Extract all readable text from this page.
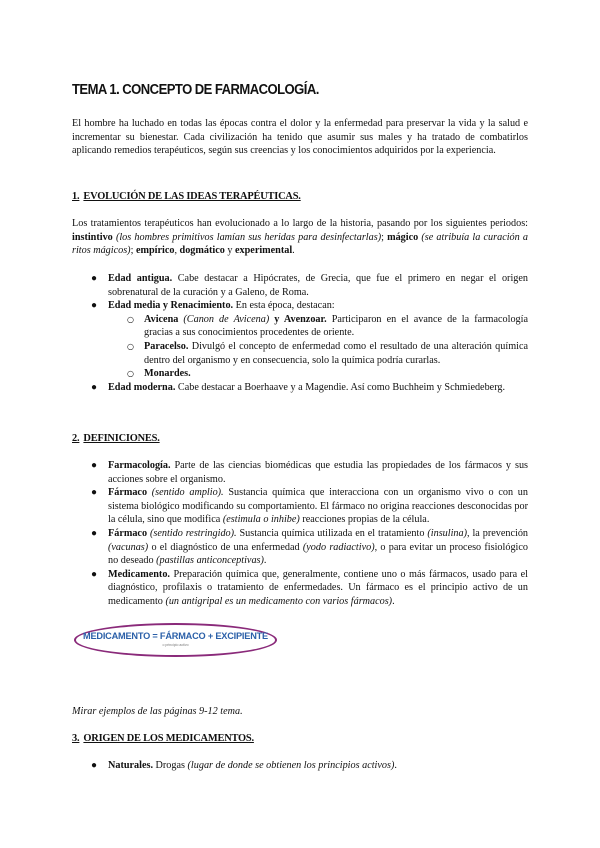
TEMA 1. CONCEPTO DE FARMACOLOGÍA.

El hombre ha luchado en todas las épocas contra el dolor y la enfermedad para preservar la vida y la salud e incrementar su bienestar. Cada civilización ha tenido que asumir sus males y ha tratado de combatirlos aplicando remedios terapéuticos, según sus creencias y los conocimientos adquiridos por la experiencia.

1. EVOLUCIÓN DE LAS IDEAS TERAPÉUTICAS.

Los tratamientos terapéuticos han evolucionado a lo largo de la historia, pasando por los siguientes periodos: instintivo (los hombres primitivos lamían sus heridas para desinfectarlas); mágico (se atribuía la curación a ritos mágicos); empírico, dogmático y experimental.

● Edad antigua. Cabe destacar a Hipócrates, de Grecia, que fue el primero en negar el origen sobrenatural de la curación y a Galeno, de Roma.
● Edad media y Renacimiento. En esta época, destacan:
○ Avicena (Canon de Avicena) y Avenzoar. Participaron en el avance de la farmacología gracias a sus conocimientos procedentes de oriente.
○ Paracelso. Divulgó el concepto de enfermedad como el resultado de una alteración química dentro del organismo y en consecuencia, solo la química podría curarlas.
○ Monardes.
● Edad moderna. Cabe destacar a Boerhaave y a Magendie. Así como Buchheim y Schmiedeberg.
2. DEFINICIONES.
● Farmacología. Parte de las ciencias biomédicas que estudia las propiedades de los fármacos y sus acciones sobre el organismo.
● Fármaco (sentido amplio). Sustancia química que interacciona con un organismo vivo o con un sistema biológico modificando su comportamiento. El fármaco no origina reacciones desconocidas por la célula, sino que modifica (estimula o inhibe) reacciones propias de la célula.
● Fármaco (sentido restringido). Sustancia química utilizada en el tratamiento (insulina), la prevención (vacunas) o el diagnóstico de una enfermedad (yodo radiactivo), o para evitar un proceso fisiológico no deseado (pastillas anticonceptivas).
● Medicamento. Preparación química que, generalmente, contiene uno o más fármacos, usado para el diagnóstico, profilaxis o tratamiento de enfermedades. Un fármaco es el principio activo de un medicamento (un antigripal es un medicamento con varios fármacos).
MEDICAMENTO = FÁRMACO + EXCIPIENTE
o principio activo

Mirar ejemplos de las páginas 9-12 tema.

3. ORIGEN DE LOS MEDICAMENTOS.
● Naturales. Drogas (lugar de donde se obtienen los principios activos).
